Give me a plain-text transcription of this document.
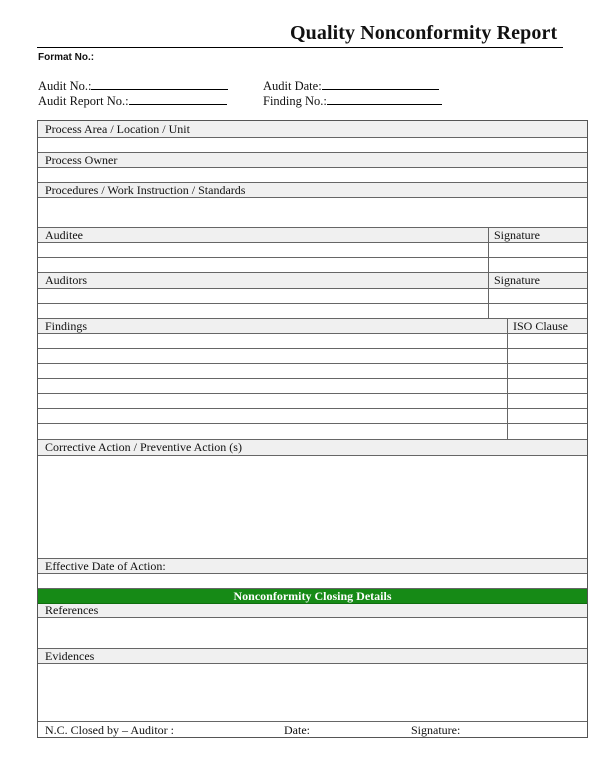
Quality Nonconformity Report
Format No.:
Audit No.:	Audit Date:
Audit Report No.:	Finding No.:
Process Area / Location / Unit
Process Owner
Procedures / Work Instruction / Standards
Auditee	Signature
Auditors	Signature
Findings	ISO Clause
Corrective Action / Preventive Action (s)
Effective Date of Action:
Nonconformity Closing Details
References
Evidences
N.C. Closed by – Auditor :	Date:	Signature:
